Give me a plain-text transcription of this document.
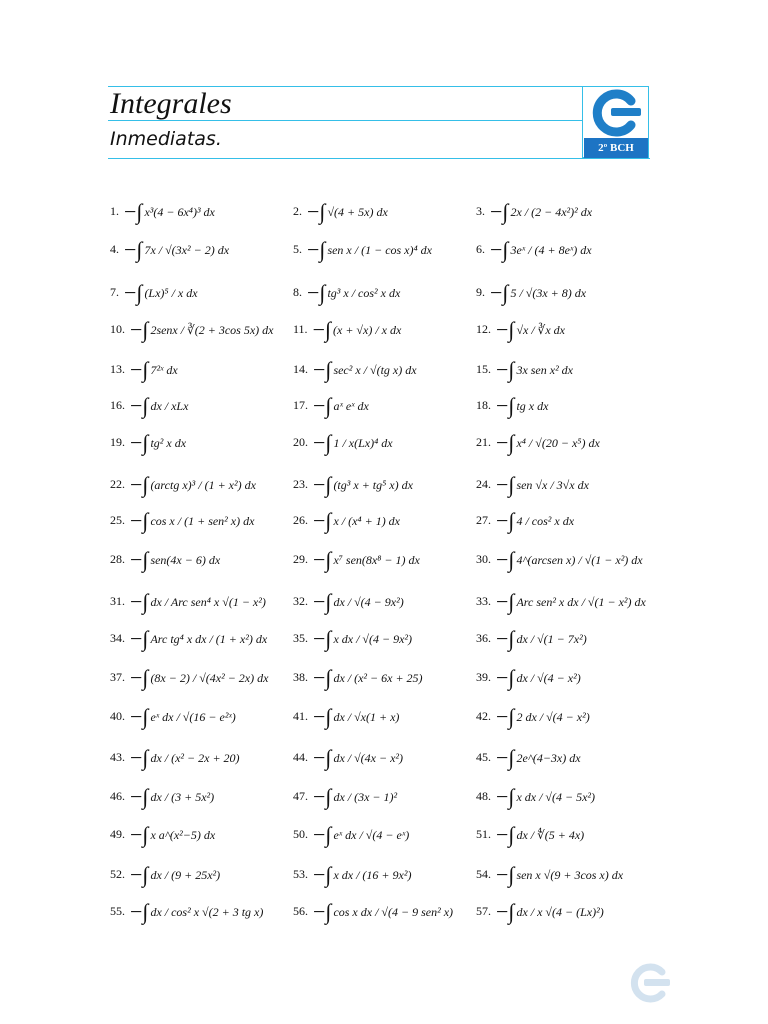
Integrales
Inmediatas.	2º BCH
1. −∫ x³(4 − 6x⁴)³ dx	2. −∫ √(4 + 5x) dx	3. −∫ 2x / (2 − 4x²)² dx
4. −∫ 7x / √(3x² − 2) dx	5. −∫ sen x / (1 − cos x)⁴ dx	6. −∫ 3eˣ / (4 + 8eˣ) dx
7. −∫ (Lx)⁵ / x dx	8. −∫ tg³ x / cos² x dx	9. −∫ 5 / √(3x + 8) dx
10. −∫ 2senx / ∛(2 + 3cos 5x) dx 11. −∫ (x + √x) / x dx	12. −∫ √x / ∛x dx
13. −∫ 7²ˣ dx	14. −∫ sec² x / √(tg x) dx	15. −∫ 3x sen x² dx
16. −∫ dx / xLx	17. −∫ aˣ eˣ dx	18. −∫ tg x dx
19. −∫ tg² x dx	20. −∫ 1 / x(Lx)⁴ dx	21. −∫ x⁴ / √(20 − x⁵) dx
22. −∫ (arctg x)³ / (1 + x²) dx	23. −∫ (tg³ x + tg⁵ x) dx	24. −∫ sen √x / 3√x dx
25. −∫ cos x / (1 + sen² x) dx	26. −∫ x / (x⁴ + 1) dx	27. −∫ 4 / cos² x dx
28. −∫ sen(4x − 6) dx	29. −∫ x⁷ sen(8x⁸ − 1) dx	30. −∫ 4^(arcsen x) / √(1 − x²) dx
31. −∫ dx / Arc sen⁴ x √(1 − x²) 32. −∫ dx / √(4 − 9x²)	33. −∫ Arc sen² x dx / √(1 − x²) dx
34. −∫ Arc tg⁴ x dx / (1 + x²) dx 35. −∫ x dx / √(4 − 9x²)	36. −∫ dx / √(1 − 7x²)
37. −∫ (8x − 2) / √(4x² − 2x) dx 38. −∫ dx / (x² − 6x + 25)	39. −∫ dx / √(4 − x²)
40. −∫ eˣ dx / √(16 − e²ˣ)	41. −∫ dx / √x(1 + x)	42. −∫ 2 dx / √(4 − x²)
43. −∫ dx / (x² − 2x + 20)	44. −∫ dx / √(4x − x²)	45. −∫ 2e^(4−3x) dx
46. −∫ dx / (3 + 5x²)	47. −∫ dx / (3x − 1)²	48. −∫ x dx / √(4 − 5x²)
49. −∫ x a^(x²−5) dx	50. −∫ eˣ dx / √(4 − eˣ)	51. −∫ dx / ∜(5 + 4x)
52. −∫ dx / (9 + 25x²)	53. −∫ x dx / (16 + 9x²)	54. −∫ sen x √(9 + 3cos x) dx
55. −∫ dx / cos² x √(2 + 3 tg x) 56. −∫ cos x dx / √(4 − 9 sen² x) 57. −∫ dx / x √(4 − (Lx)²)
